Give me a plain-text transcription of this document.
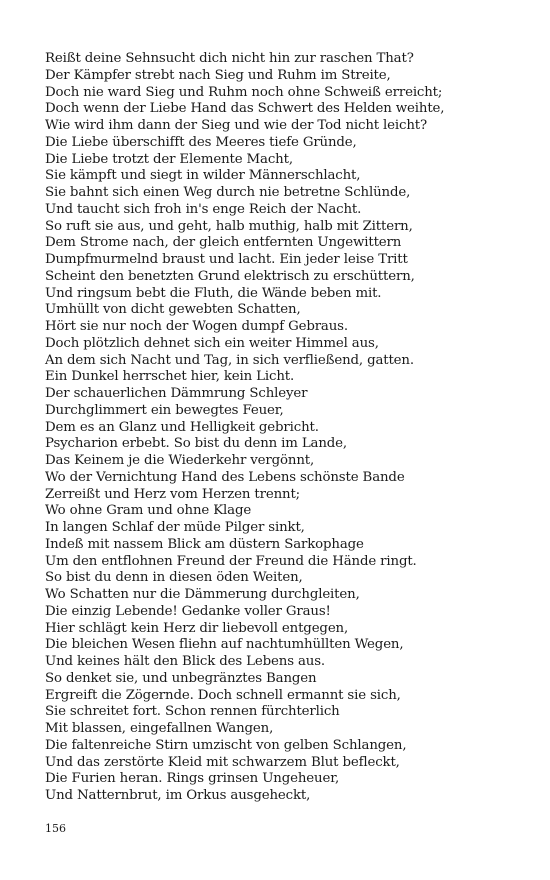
Reißt deine Sehnsucht dich nicht hin zur raschen That?
Der Kämpfer strebt nach Sieg und Ruhm im Streite,
Doch nie ward Sieg und Ruhm noch ohne Schweiß erreicht;
Doch wenn der Liebe Hand das Schwert des Helden weihte,
Wie wird ihm dann der Sieg und wie der Tod nicht leicht?
Die Liebe überschifft des Meeres tiefe Gründe,
Die Liebe trotzt der Elemente Macht,
Sie kämpft und siegt in wilder Männerschlacht,
Sie bahnt sich einen Weg durch nie betretne Schlünde,
Und taucht sich froh in's enge Reich der Nacht.
So ruft sie aus, und geht, halb muthig, halb mit Zittern,
Dem Strome nach, der gleich entfernten Ungewittern
Dumpfmurmelnd braust und lacht. Ein jeder leise Tritt
Scheint den benetzten Grund elektrisch zu erschüttern,
Und ringsum bebt die Fluth, die Wände beben mit.
Umhüllt von dicht gewebten Schatten,
Hört sie nur noch der Wogen dumpf Gebraus.
Doch plötzlich dehnet sich ein weiter Himmel aus,
An dem sich Nacht und Tag, in sich verfließend, gatten.
Ein Dunkel herrschet hier, kein Licht.
Der schauerlichen Dämmrung Schleyer
Durchglimmert ein bewegtes Feuer,
Dem es an Glanz und Helligkeit gebricht.
Psycharion erbebt. So bist du denn im Lande,
Das Keinem je die Wiederkehr vergönnt,
Wo der Vernichtung Hand des Lebens schönste Bande
Zerreißt und Herz vom Herzen trennt;
Wo ohne Gram und ohne Klage
In langen Schlaf der müde Pilger sinkt,
Indeß mit nassem Blick am düstern Sarkophage
Um den entflohnen Freund der Freund die Hände ringt.
So bist du denn in diesen öden Weiten,
Wo Schatten nur die Dämmerung durchgleiten,
Die einzig Lebende! Gedanke voller Graus!
Hier schlägt kein Herz dir liebevoll entgegen,
Die bleichen Wesen fliehn auf nachtumhüllten Wegen,
Und keines hält den Blick des Lebens aus.
So denket sie, und unbegränztes Bangen
Ergreift die Zögernde. Doch schnell ermannt sie sich,
Sie schreitet fort. Schon rennen fürchterlich
Mit blassen, eingefallnen Wangen,
Die faltenreiche Stirn umzischt von gelben Schlangen,
Und das zerstörte Kleid mit schwarzem Blut befleckt,
Die Furien heran. Rings grinsen Ungeheuer,
Und Natternbrut, im Orkus ausgeheckt,
156
